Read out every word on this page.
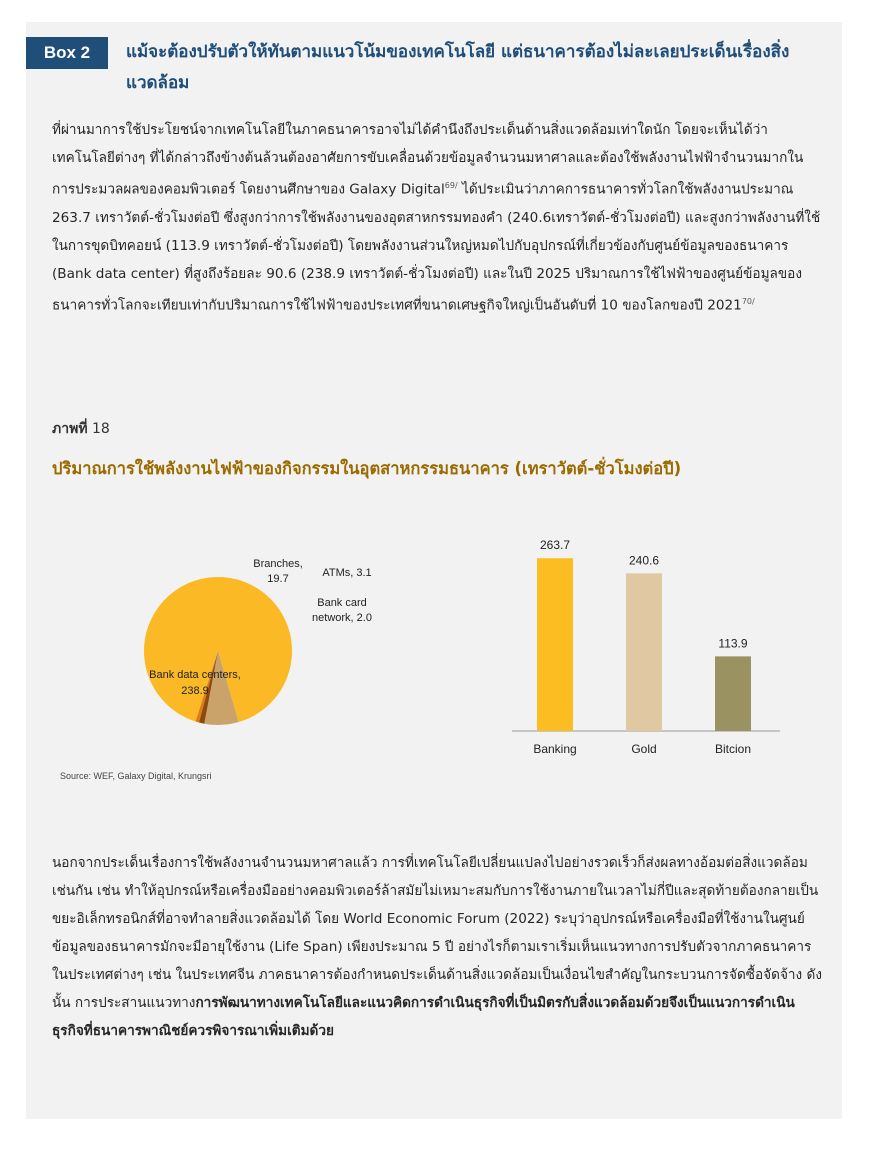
Box 2	แม้จะต้องปรับตัวให้ทันตามแนวโน้มของเทคโนโลยี แต่ธนาคารต้องไม่ละเลยประเด็นเรื่องสิ่งแวดล้อม
ที่ผ่านมาการใช้ประโยชน์จากเทคโนโลยีในภาคธนาคารอาจไม่ได้คำนึงถึงประเด็นด้านสิ่งแวดล้อมเท่าใดนัก โดยจะเห็นได้ว่าเทคโนโลยีต่างๆ ที่ได้กล่าวถึงข้างต้นล้วนต้องอาศัยการขับเคลื่อนด้วยข้อมูลจำนวนมหาศาลและต้องใช้พลังงานไฟฟ้าจำนวนมากในการประมวลผลของคอมพิวเตอร์ โดยงานศึกษาของ Galaxy Digital$^{69/}$ ได้ประเมินว่าภาคการธนาคารทั่วโลกใช้พลังงานประมาณ 263.7 เทราวัตต์-ชั่วโมงต่อปี ซึ่งสูงกว่าการใช้พลังงานของอุตสาหกรรมทองคำ (240.6เทราวัตต์-ชั่วโมงต่อปี) และสูงกว่าพลังงานที่ใช้ในการขุดบิทคอยน์ (113.9 เทราวัตต์-ชั่วโมงต่อปี) โดยพลังงานส่วนใหญ่หมดไปกับอุปกรณ์ที่เกี่ยวข้องกับศูนย์ข้อมูลของธนาคาร (Bank data center) ที่สูงถึงร้อยละ 90.6 (238.9 เทราวัตต์-ชั่วโมงต่อปี) และในปี 2025 ปริมาณการใช้ไฟฟ้าของศูนย์ข้อมูลของธนาคารทั่วโลกจะเทียบเท่ากับปริมาณการใช้ไฟฟ้าของประเทศที่ขนาดเศษฐกิจใหญ่เป็นอันดับที่ 10 ของโลกของปี $2021^{70/}$
ภาพที่ 18
ปริมาณการใช้พลังงานไฟฟ้าของกิจกรรมในอุตสาหกรรมธนาคาร (เทราวัตต์-ชั่วโมงต่อปี)
Bank data centers,
238.9
Branches,
19.7	ATMs, 3.1
Bank card
network, 2.0
263.7
Banking
240.6
Gold
113.9
Bitcion
Source: WEF, Galaxy Digital, Krungsri
นอกจากประเด็นเรื่องการใช้พลังงานจำนวนมหาศาลแล้ว การที่เทคโนโลยีเปลี่ยนแปลงไปอย่างรวดเร็วก็ส่งผลทางอ้อมต่อสิ่งแวดล้อมเช่นกัน เช่น ทำให้อุปกรณ์หรือเครื่องมืออย่างคอมพิวเตอร์ล้าสมัยไม่เหมาะสมกับการใช้งานภายในเวลาไม่กี่ปีและสุดท้ายต้องกลายเป็นขยะอิเล็กทรอนิกส์ที่อาจทำลายสิ่งแวดล้อมได้ โดย World Economic Forum (2022) ระบุว่าอุปกรณ์หรือเครื่องมือที่ใช้งานในศูนย์ข้อมูลของธนาคารมักจะมีอายุใช้งาน (Life Span) เพียงประมาณ 5 ปี อย่างไรก็ตามเราเริ่มเห็นแนวทางการปรับตัวจากภาคธนาคารในประเทศต่างๆ เช่น ในประเทศจีน ภาคธนาคารต้องกำหนดประเด็นด้านสิ่งแวดล้อมเป็นเงื่อนไขสำคัญในกระบวนการจัดซื้อจัดจ้าง ดังนั้น การประสานแนวทางการพัฒนาทางเทคโนโลยีและแนวคิดการดำเนินธุรกิจที่เป็นมิตรกับสิ่งแวดล้อมด้วยจึงเป็นแนวการดำเนินธุรกิจที่ธนาคารพาณิชย์ควรพิจารณาเพิ่มเติมด้วย
